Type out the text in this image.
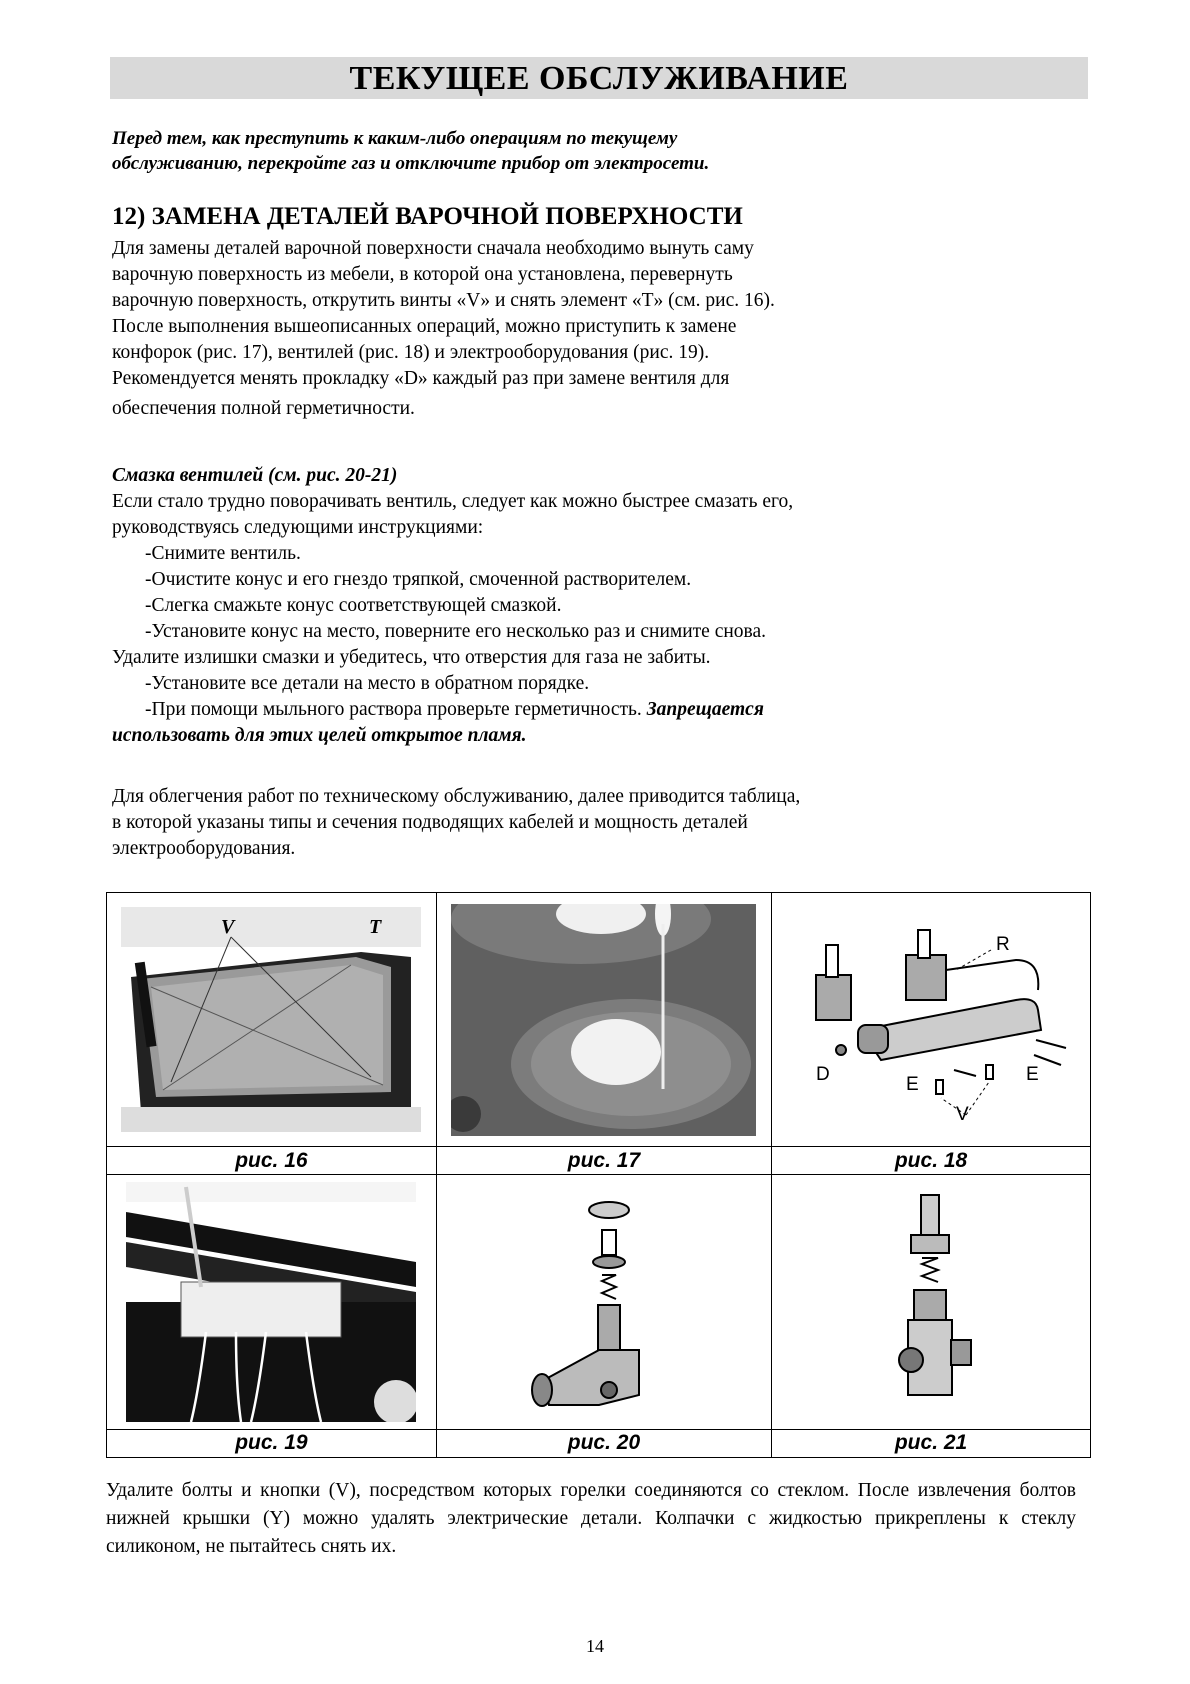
ТЕКУЩЕЕ ОБСЛУЖИВАНИЕ
Перед тем, как преступить к каким-либо операциям по текущему
обслуживанию, перекройте газ и отключите прибор от электросети.
12) ЗАМЕНА ДЕТАЛЕЙ ВАРОЧНОЙ ПОВЕРХНОСТИ

Для замены деталей варочной поверхности сначала необходимо вынуть саму

варочную поверхность из мебели, в которой она установлена, перевернуть

варочную поверхность, открутить винты «V» и снять элемент «T» (см. рис. 16).

После выполнения вышеописанных операций, можно приступить к замене

конфорок (рис. 17), вентилей (рис. 18) и электрооборудования (рис. 19).

Рекомендуется менять прокладку «D» каждый раз при замене вентиля для

обеспечения полной герметичности.

Смазка вентилей (см. рис. 20-21)

Если стало трудно поворачивать вентиль, следует как можно быстрее смазать его,

руководствуясь следующими инструкциями:

-Снимите вентиль.

-Очистите конус и его гнездо тряпкой, смоченной растворителем.

-Слегка смажьте конус соответствующей смазкой.

-Установите конус на место, поверните его несколько раз и снимите снова.

Удалите излишки смазки и убедитесь, что отверстия для газа не забиты.

-Установите все детали на место в обратном порядке.

-При помощи мыльного раствора проверьте герметичность. Запрещается

использовать для этих целей открытое пламя.

Для облегчения работ по техническому обслуживанию, далее приводится таблица,

в которой указаны типы и сечения подводящих кабелей и мощность деталей

электрооборудования.

V T		R
D E E
V

рис. 16	рис. 17	рис. 18

рис. 19	рис. 20	рис. 21
Удалите болты и кнопки (V), посредством которых горелки соединяются со стеклом. После извлечения болтов нижней крышки (Y) можно удалять электрические детали. Колпачки с жидкостью прикреплены к стеклу силиконом, не пытайтесь снять их.
14
